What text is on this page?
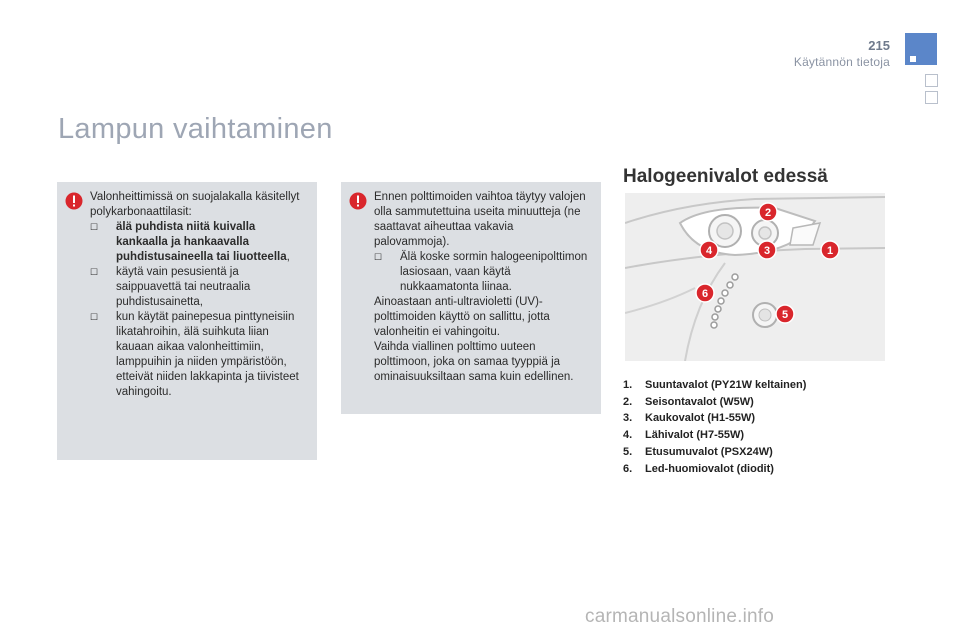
215
Käytännön tietoja
Lampun vaihtaminen

Valonheittimissä on suojalakalla käsitellyt polykarbonaattilasit:

☐	älä puhdista niitä kuivalla kankaalla ja hankaavalla puhdistusaineella tai liuotteella,
☐	käytä vain pesusientä ja saippuavettä tai neutraalia puhdistusainetta,
☐	kun käytät painepesua pinttyneisiin likatahroihin, älä suihkuta liian kauaan aikaa valonheittimiin, lamppuihin ja niiden ympäristöön, etteivät niiden lakkapinta ja tiivisteet vahingoitu.

Ennen polttimoiden vaihtoa täytyy valojen olla sammutettuina useita minuutteja (ne saattavat aiheuttaa vakavia palovammoja).

☐	Älä koske sormin halogeenipolttimon lasiosaan, vaan käytä nukkaamatonta liinaa.

Ainoastaan anti-ultravioletti (UV)-polttimoiden käyttö on sallittu, jotta valonheitin ei vahingoitu.

Vaihda viallinen polttimo uuteen polttimoon, joka on samaa tyyppiä ja ominaisuuksiltaan sama kuin edellinen.

Halogeenivalot edessä
1
2
3
4
5
6
1.	Suuntavalot (PY21W keltainen)
2.	Seisontavalot (W5W)
3.	Kaukovalot (H1-55W)
4.	Lähivalot (H7-55W)
5.	Etusumuvalot (PSX24W)
6.	Led-huomiovalot (diodit)
carmanualsonline.info
